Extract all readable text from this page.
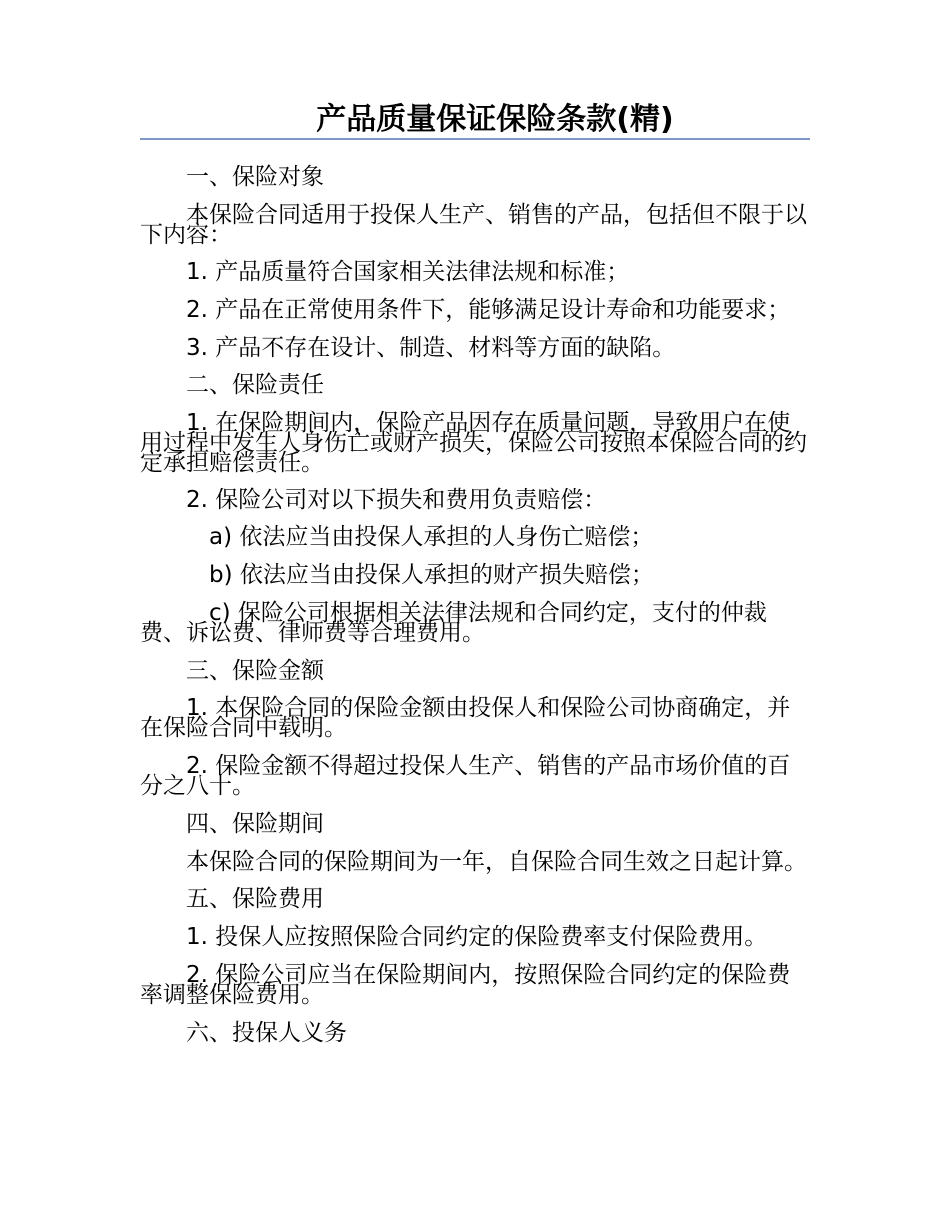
产品质量保证保险条款(精)

一、保险对象

本保险合同适用于投保人生产、销售的产品，包括但不限于以下内容：

1. 产品质量符合国家相关法律法规和标准；

2. 产品在正常使用条件下，能够满足设计寿命和功能要求；

3. 产品不存在设计、制造、材料等方面的缺陷。

二、保险责任

1. 在保险期间内，保险产品因存在质量问题，导致用户在使用过程中发生人身伤亡或财产损失，保险公司按照本保险合同的约定承担赔偿责任。

2. 保险公司对以下损失和费用负责赔偿：

a) 依法应当由投保人承担的人身伤亡赔偿；

b) 依法应当由投保人承担的财产损失赔偿；

c) 保险公司根据相关法律法规和合同约定，支付的仲裁费、诉讼费、律师费等合理费用。

三、保险金额

1. 本保险合同的保险金额由投保人和保险公司协商确定，并在保险合同中载明。

2. 保险金额不得超过投保人生产、销售的产品市场价值的百分之八十。

四、保险期间

本保险合同的保险期间为一年，自保险合同生效之日起计算。

五、保险费用

1. 投保人应按照保险合同约定的保险费率支付保险费用。

2. 保险公司应当在保险期间内，按照保险合同约定的保险费率调整保险费用。

六、投保人义务
